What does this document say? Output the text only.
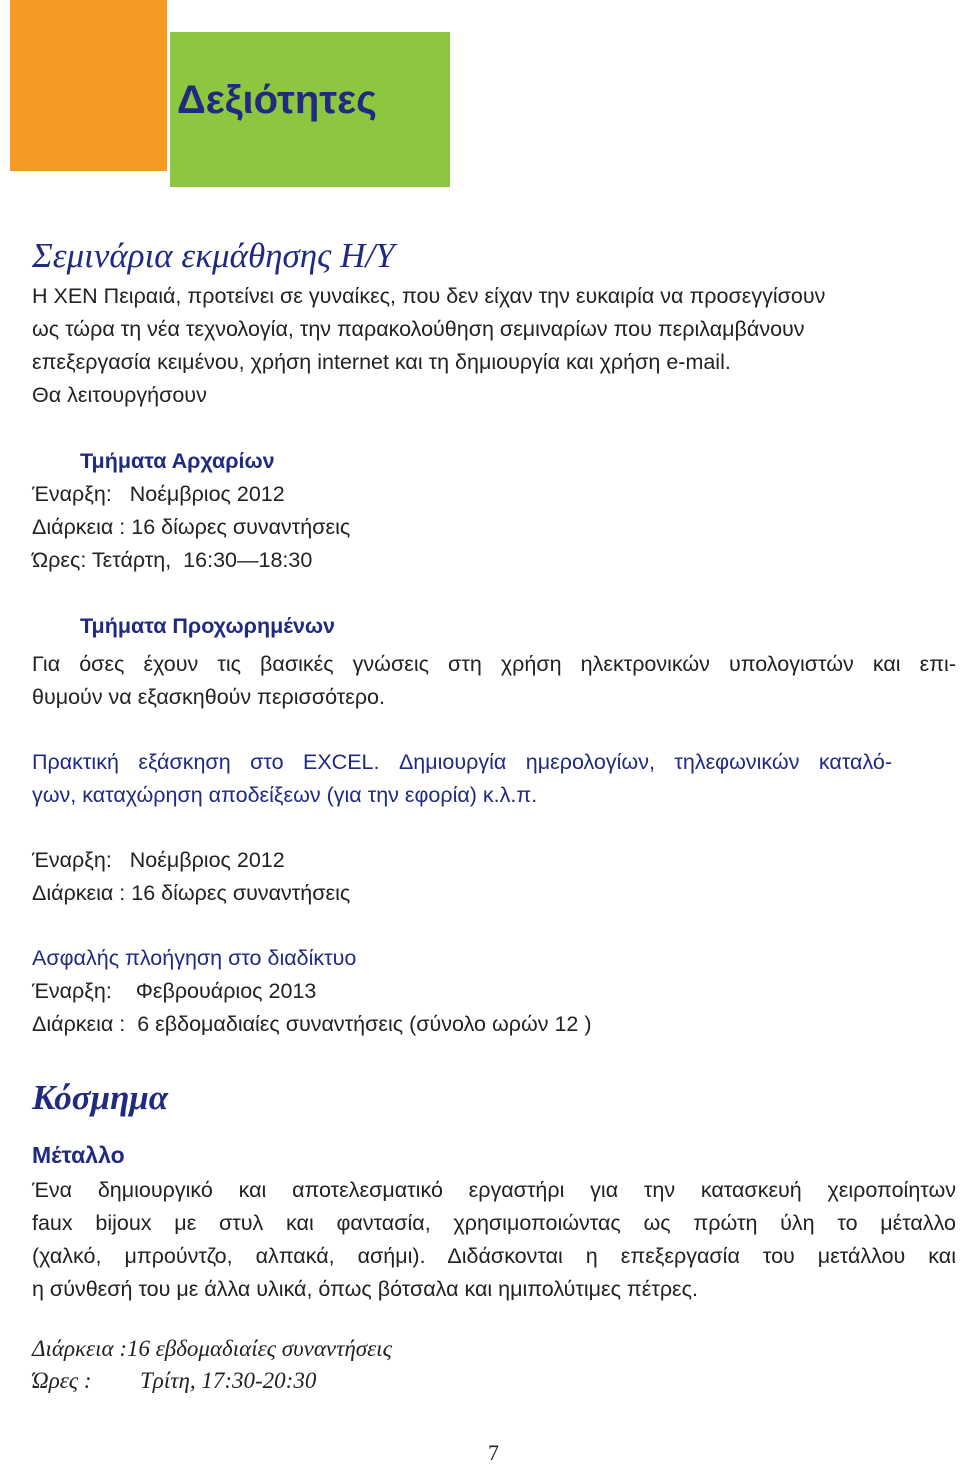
Δεξιότητες
Σεμινάρια εκμάθησης Η/Υ
Η ΧΕΝ Πειραιά, προτείνει σε γυναίκες, που δεν είχαν την ευκαιρία να προσεγγίσουν
ως τώρα τη νέα τεχνολογία, την παρακολούθηση σεμιναρίων που περιλαμβάνουν
επεξεργασία κειμένου, χρήση internet και τη δημιουργία και χρήση e-mail.
Θα λειτουργήσουν
Τμήματα Αρχαρίων
Έναρξη:   Νοέμβριος 2012
Διάρκεια : 16 δίωρες συναντήσεις
Ώρες: Τετάρτη,  16:30—18:30
Τμήματα Προχωρημένων
Για όσες έχουν τις βασικές γνώσεις στη χρήση ηλεκτρονικών υπολογιστών και επι-
θυμούν να εξασκηθούν περισσότερο.
Πρακτική εξάσκηση στο EXCEL. Δημιουργία ημερολογίων, τηλεφωνικών καταλό-
γων, καταχώρηση αποδείξεων (για την εφορία) κ.λ.π.
Έναρξη:   Νοέμβριος 2012
Διάρκεια : 16 δίωρες συναντήσεις
Ασφαλής πλοήγηση στο διαδίκτυο
Έναρξη:    Φεβρουάριος 2013
Διάρκεια :  6 εβδομαδιαίες συναντήσεις (σύνολο ωρών 12 )
Κόσμημα
Μέταλλο
Ένα δημιουργικό και αποτελεσματικό εργαστήρι για την κατασκευή χειροποίητων
faux bijoux με στυλ και φαντασία, χρησιμοποιώντας ως πρώτη ύλη το μέταλλο
(χαλκό, μπρούντζο, αλπακά, ασήμι). Διδάσκονται η επεξεργασία του μετάλλου και
η σύνθεσή του με άλλα υλικά, όπως βότσαλα και ημιπολύτιμες πέτρες.
Διάρκεια :16 εβδομαδιαίες συναντήσεις
Ώρες : Τρίτη, 17:30-20:30
7
